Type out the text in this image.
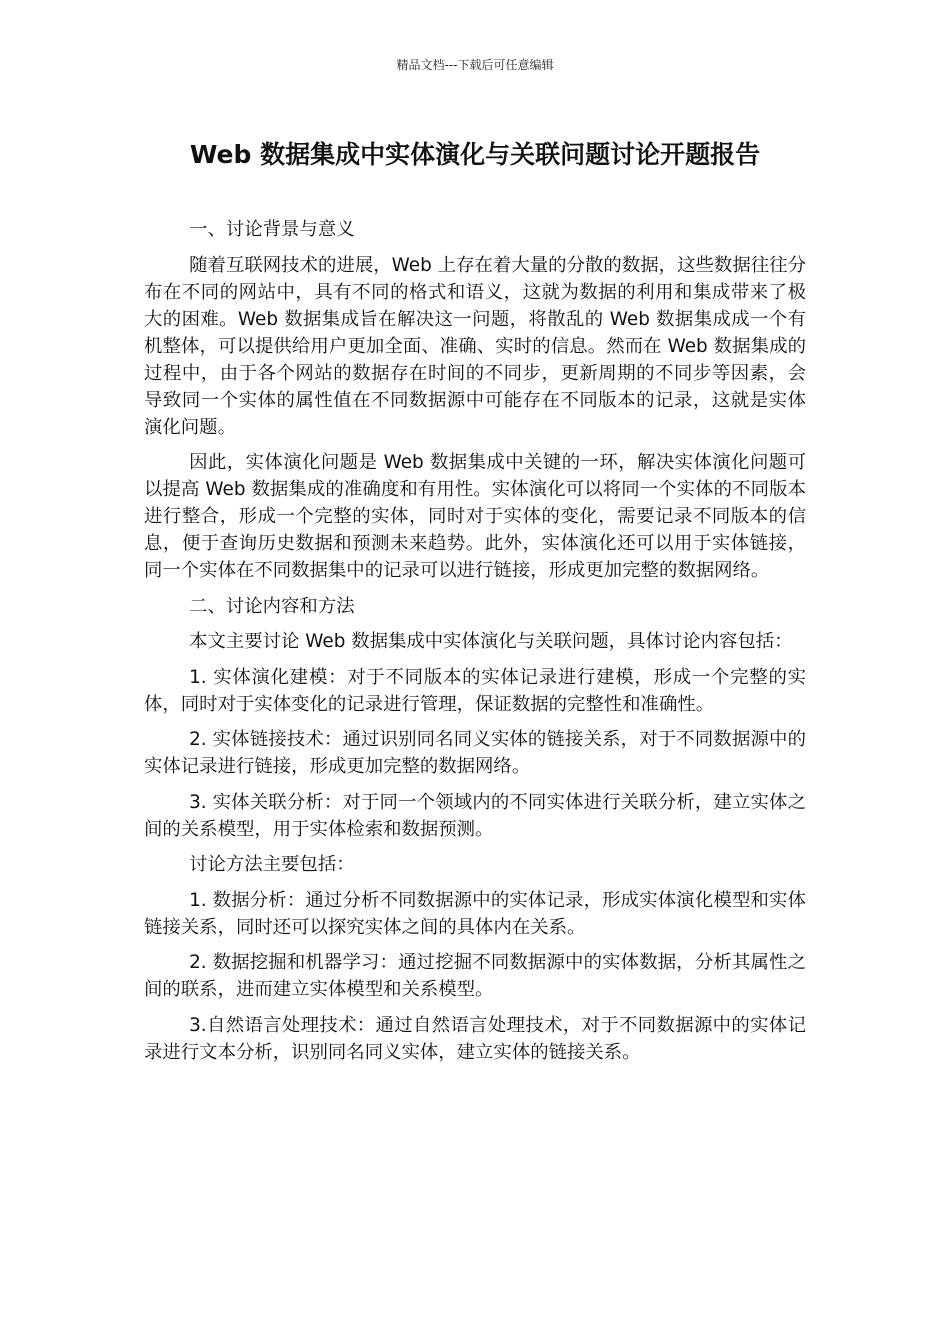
精品文档---下载后可任意编辑
Web 数据集成中实体演化与关联问题讨论开题报告

一、讨论背景与意义

随着互联网技术的进展，Web 上存在着大量的分散的数据，这些数据往往分布在不同的网站中，具有不同的格式和语义，这就为数据的利用和集成带来了极大的困难。Web 数据集成旨在解决这一问题，将散乱的 Web 数据集成成一个有机整体，可以提供给用户更加全面、准确、实时的信息。然而在 Web 数据集成的过程中，由于各个网站的数据存在时间的不同步，更新周期的不同步等因素，会导致同一个实体的属性值在不同数据源中可能存在不同版本的记录，这就是实体演化问题。

因此，实体演化问题是 Web 数据集成中关键的一环，解决实体演化问题可以提高 Web 数据集成的准确度和有用性。实体演化可以将同一个实体的不同版本进行整合，形成一个完整的实体，同时对于实体的变化，需要记录不同版本的信息，便于查询历史数据和预测未来趋势。此外，实体演化还可以用于实体链接，同一个实体在不同数据集中的记录可以进行链接，形成更加完整的数据网络。

二、讨论内容和方法

本文主要讨论 Web 数据集成中实体演化与关联问题，具体讨论内容包括：

1. 实体演化建模：对于不同版本的实体记录进行建模，形成一个完整的实体，同时对于实体变化的记录进行管理，保证数据的完整性和准确性。

2. 实体链接技术：通过识别同名同义实体的链接关系，对于不同数据源中的实体记录进行链接，形成更加完整的数据网络。

3. 实体关联分析：对于同一个领域内的不同实体进行关联分析，建立实体之间的关系模型，用于实体检索和数据预测。

讨论方法主要包括：

1. 数据分析：通过分析不同数据源中的实体记录，形成实体演化模型和实体链接关系，同时还可以探究实体之间的具体内在关系。

2. 数据挖掘和机器学习：通过挖掘不同数据源中的实体数据，分析其属性之间的联系，进而建立实体模型和关系模型。

3.自然语言处理技术：通过自然语言处理技术，对于不同数据源中的实体记录进行文本分析，识别同名同义实体，建立实体的链接关系。
